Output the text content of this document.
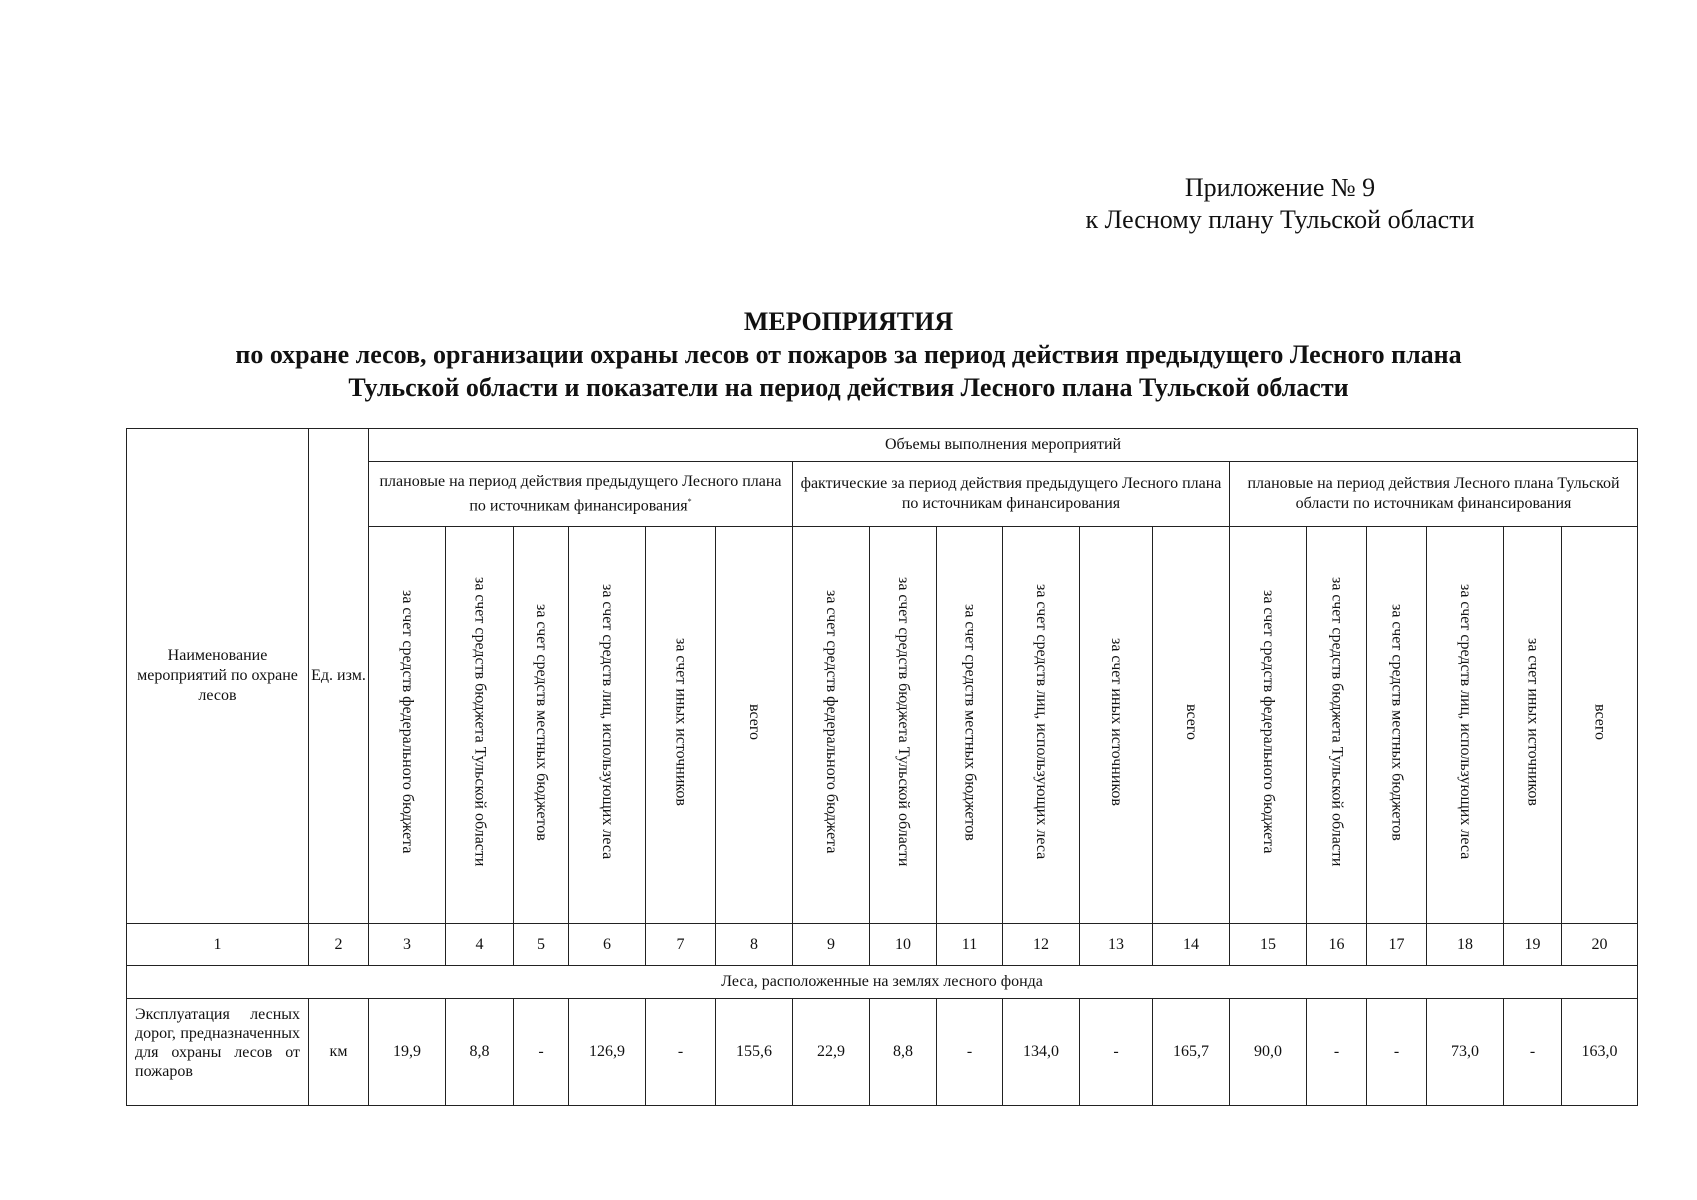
Приложение № 9
к Лесному плану Тульской области
МЕРОПРИЯТИЯ
по охране лесов, организации охраны лесов от пожаров за период действия предыдущего Лесного плана
Тульской области и показатели на период действия Лесного плана Тульской области
Наименование мероприятий по охране лесов	Ед. изм.	Объемы выполнения мероприятий																	
		плановые на период действия предыдущего Лесного плана по источникам финансирования*						фактические за период действия предыдущего Лесного плана по источникам финансирования						плановые на период действия Лесного плана Тульской области по источникам финансирования					
		за счет средств федерального бюджета	за счет средств бюджета Тульской области	за счет средств местных бюджетов	за счет средств лиц, использующих леса	за счет иных источников	всего	за счет средств федерального бюджета	за счет средств бюджета Тульской области	за счет средств местных бюджетов	за счет средств лиц, использующих леса	за счет иных источников	всего	за счет средств федерального бюджета	за счет средств бюджета Тульской области	за счет средств местных бюджетов	за счет средств лиц, использующих леса	за счет иных источников	всего
1	2	3	4	5	6	7	8	9	10	11	12	13	14	15	16	17	18	19	20
Леса, расположенные на землях лесного фонда																			
Эксплуатация лесных дорог, предназначенных для охраны лесов от пожаров	км	19,9	8,8	-	126,9	-	155,6	22,9	8,8	-	134,0	-	165,7	90,0	-	-	73,0	-	163,0
